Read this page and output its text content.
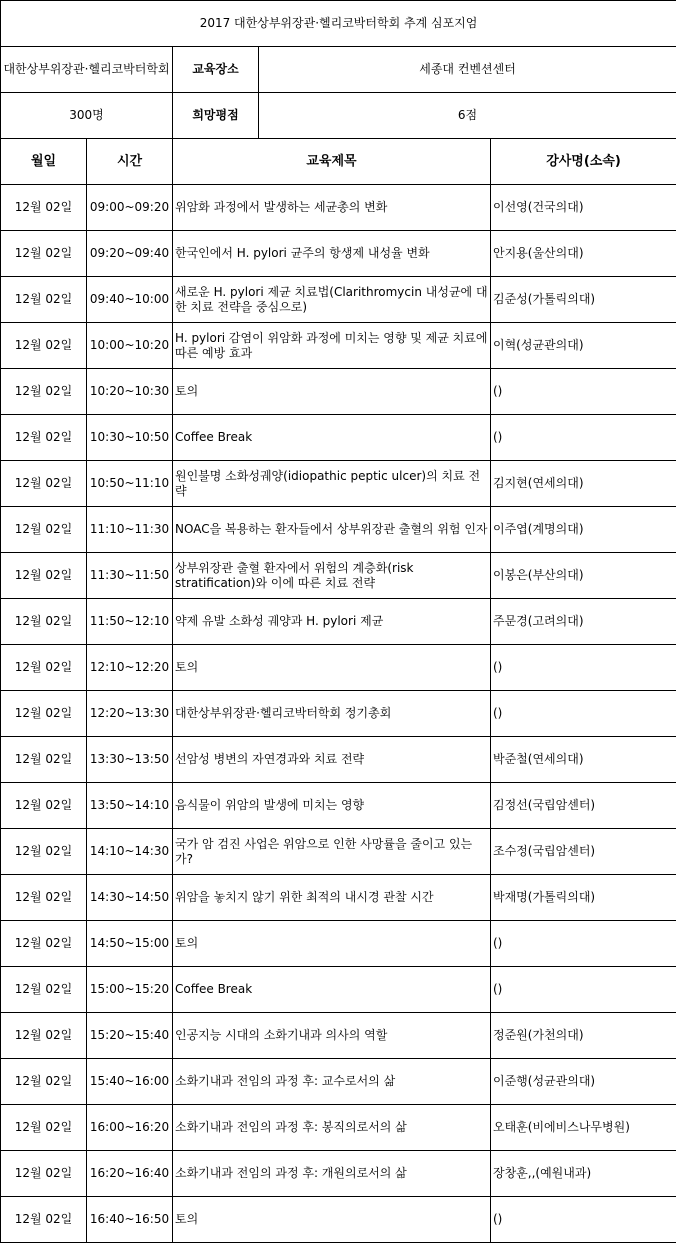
2017 대한상부위장관·헬리코박터학회 추계 심포지엄				
대한상부위장관·헬리코박터학회		교육장소	세종대 컨벤션센터	
300명		희망평점	6점	
월일	시간	교육제목		강사명(소속)
12월 02일	09:00~09:20	위암화 과정에서 발생하는 세균총의 변화		이선영(건국의대)
12월 02일	09:20~09:40	한국인에서 H. pylori 균주의 항생제 내성율 변화		안지용(울산의대)
12월 02일	09:40~10:00	새로운 H. pylori 제균 치료법(Clarithromycin 내성균에 대한 치료 전략을 중심으로)		김준성(가톨릭의대)
12월 02일	10:00~10:20	H. pylori 감염이 위암화 과정에 미치는 영향 및 제균 치료에 따른 예방 효과		이혁(성균관의대)
12월 02일	10:20~10:30	토의		()
12월 02일	10:30~10:50	Coffee Break		()
12월 02일	10:50~11:10	원인불명 소화성궤양(idiopathic peptic ulcer)의 치료 전략		김지현(연세의대)
12월 02일	11:10~11:30	NOAC을 복용하는 환자들에서 상부위장관 출혈의 위험 인자		이주엽(계명의대)
12월 02일	11:30~11:50	상부위장관 출혈 환자에서 위험의 계층화(risk stratification)와 이에 따른 치료 전략		이봉은(부산의대)
12월 02일	11:50~12:10	약제 유발 소화성 궤양과 H. pylori 제균		주문경(고려의대)
12월 02일	12:10~12:20	토의		()
12월 02일	12:20~13:30	대한상부위장관·헬리코박터학회 정기총회		()
12월 02일	13:30~13:50	선암성 병변의 자연경과와 치료 전략		박준철(연세의대)
12월 02일	13:50~14:10	음식물이 위암의 발생에 미치는 영향		김정선(국립암센터)
12월 02일	14:10~14:30	국가 암 검진 사업은 위암으로 인한 사망률을 줄이고 있는가?		조수정(국립암센터)
12월 02일	14:30~14:50	위암을 놓치지 않기 위한 최적의 내시경 관찰 시간		박재명(가톨릭의대)
12월 02일	14:50~15:00	토의		()
12월 02일	15:00~15:20	Coffee Break		()
12월 02일	15:20~15:40	인공지능 시대의 소화기내과 의사의 역할		정준원(가천의대)
12월 02일	15:40~16:00	소화기내과 전임의 과정 후: 교수로서의 삶		이준행(성균관의대)
12월 02일	16:00~16:20	소화기내과 전임의 과정 후: 봉직의로서의 삶		오태훈(비에비스나무병원)
12월 02일	16:20~16:40	소화기내과 전임의 과정 후: 개원의로서의 삶		장창훈,,(예원내과)
12월 02일	16:40~16:50	토의		()
